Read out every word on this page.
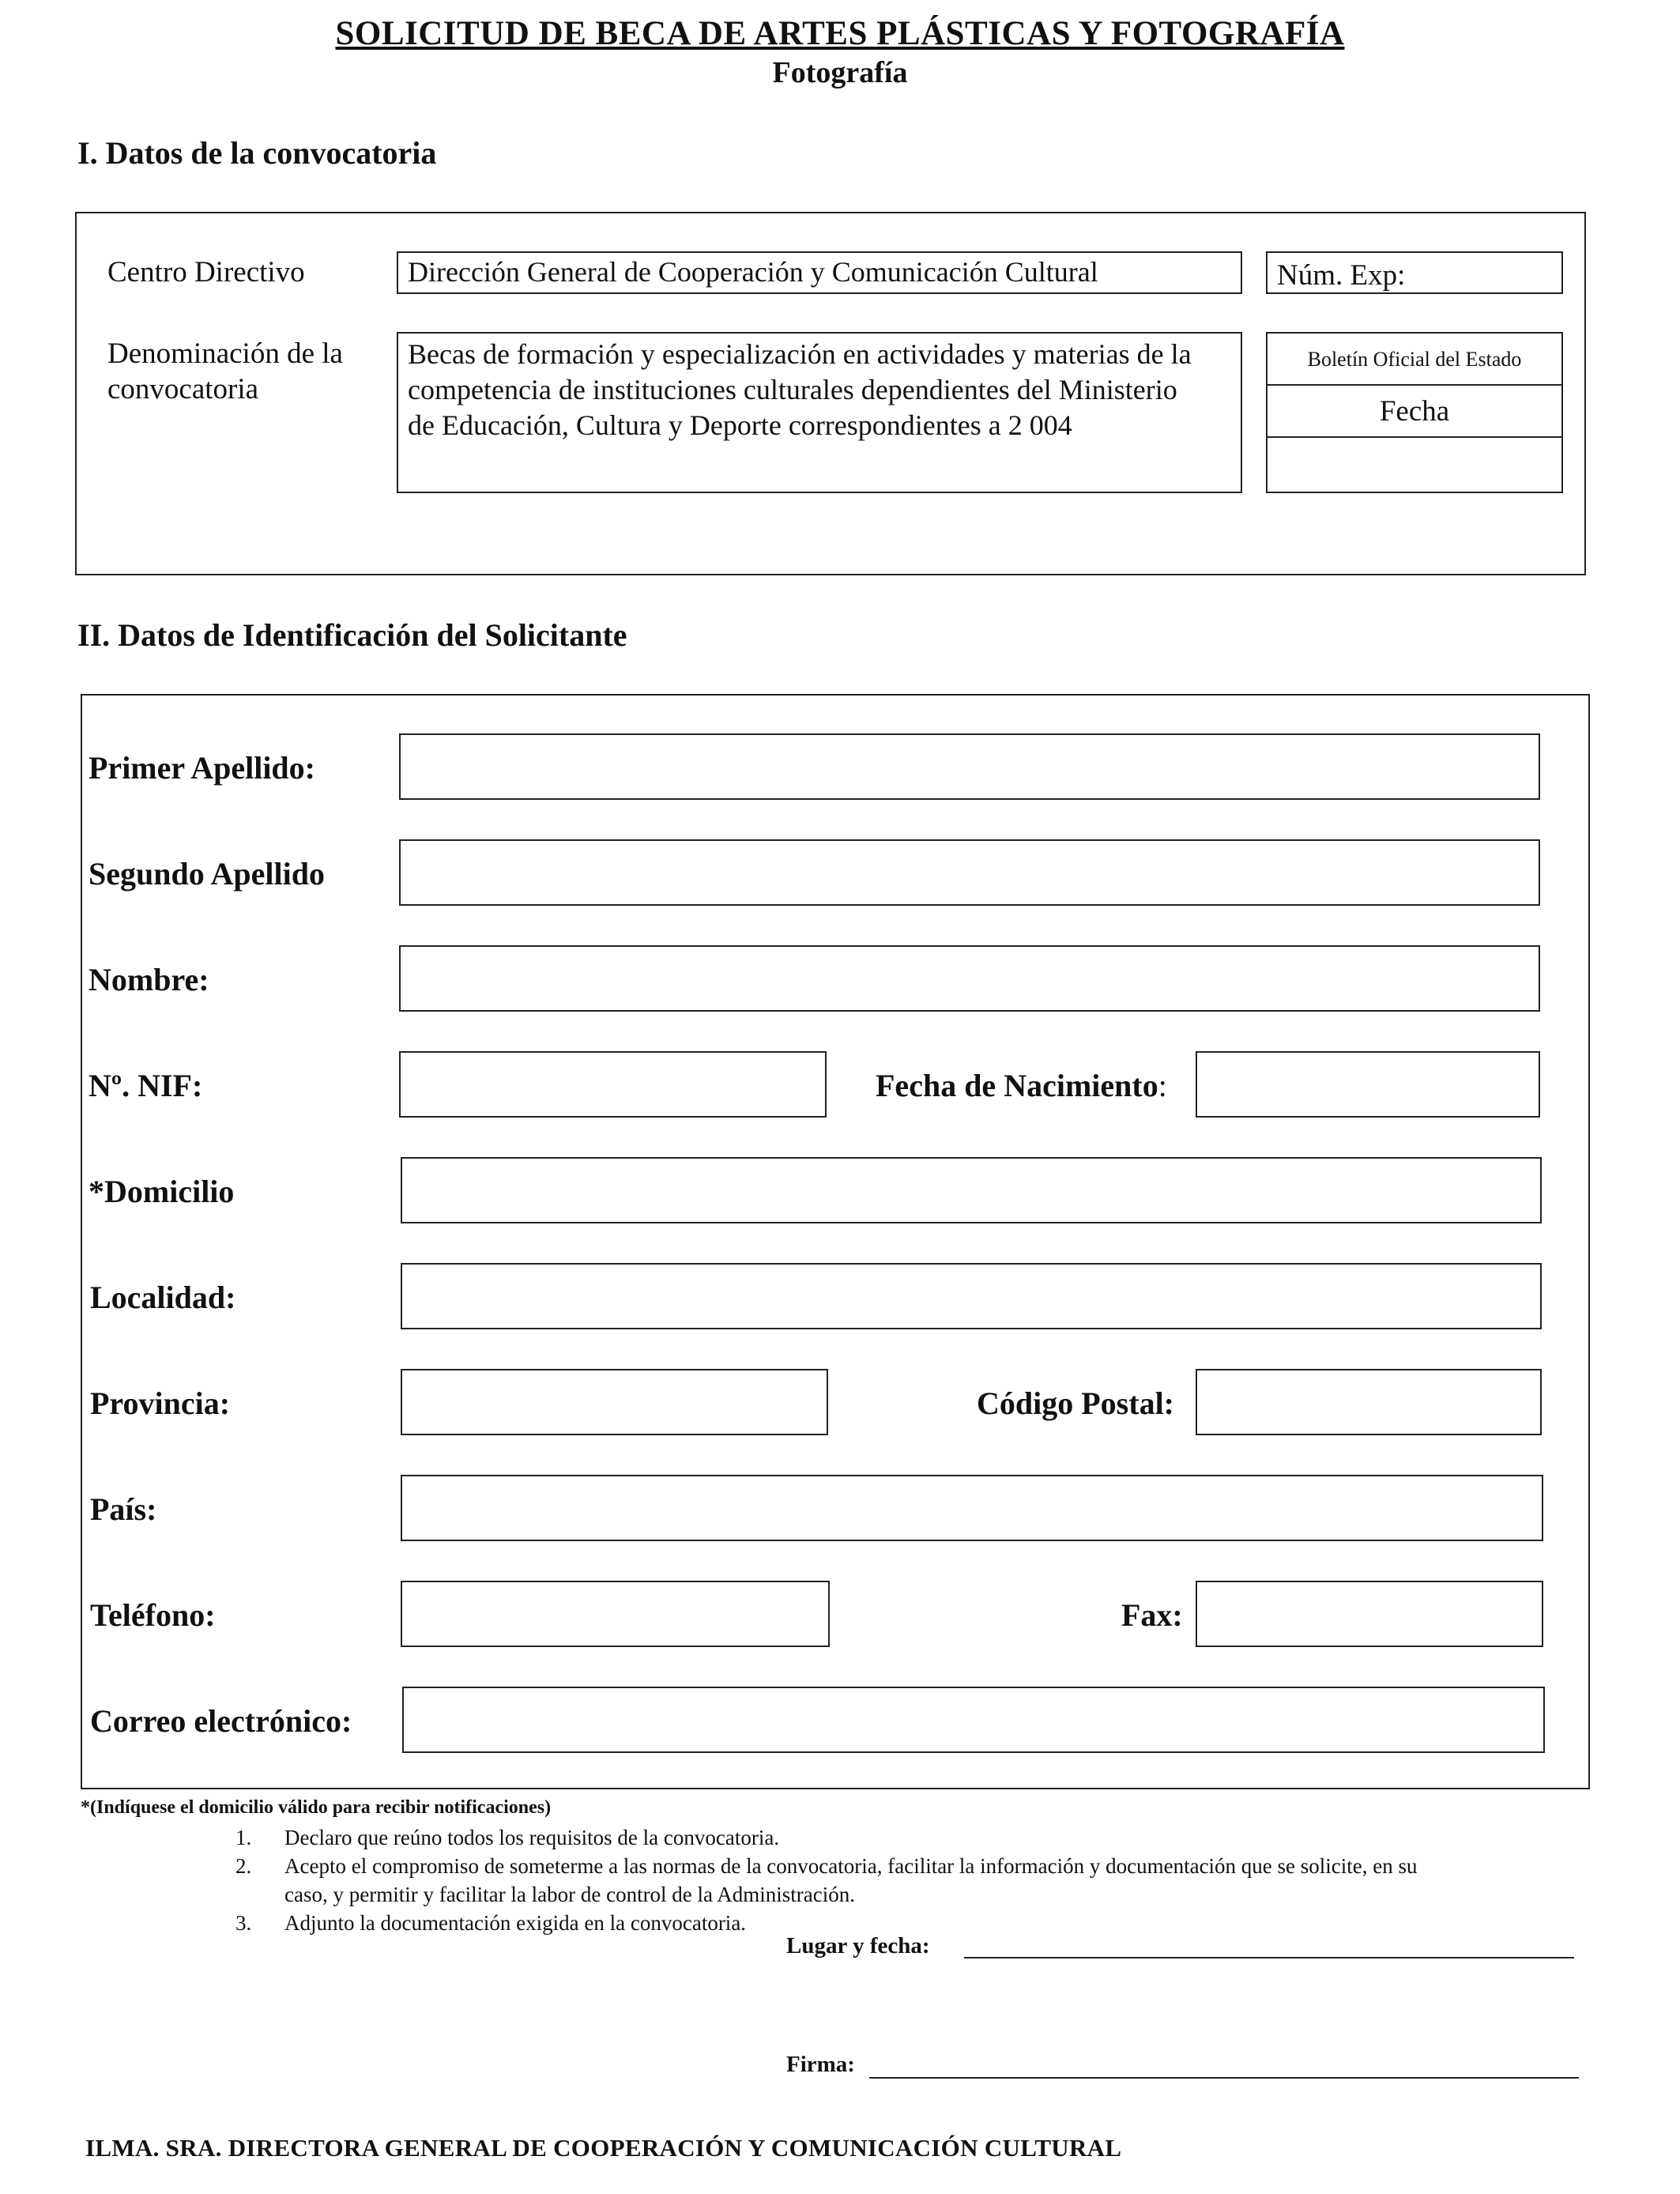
SOLICITUD DE BECA DE ARTES PLÁSTICAS Y FOTOGRAFÍA
Fotografía
I. Datos de la convocatoria
Centro Directivo	Dirección General de Cooperación y Comunicación Cultural	Núm. Exp:
Denominación de la
convocatoria
Becas de formación y especialización en actividades y materias de la
competencia de instituciones culturales dependientes del Ministerio
de Educación, Cultura y Deporte correspondientes a 2 004
Boletín Oficial del Estado
Fecha
II. Datos de Identificación del Solicitante
Primer Apellido:
Segundo Apellido
Nombre:
Nº. NIF:	Fecha de Nacimiento:
*Domicilio
Localidad:
Provincia:	Código Postal:
País:
Teléfono:	Fax:
Correo electrónico:
*(Indíquese el domicilio válido para recibir notificaciones)
1. Declaro que reúno todos los requisitos de la convocatoria.
2. Acepto el compromiso de someterme a las normas de la convocatoria, facilitar la información y documentación que se solicite, en su
caso, y permitir y facilitar la labor de control de la Administración.
3. Adjunto la documentación exigida en la convocatoria.
Lugar y fecha:
Firma:
ILMA. SRA. DIRECTORA GENERAL DE COOPERACIÓN Y COMUNICACIÓN CULTURAL
